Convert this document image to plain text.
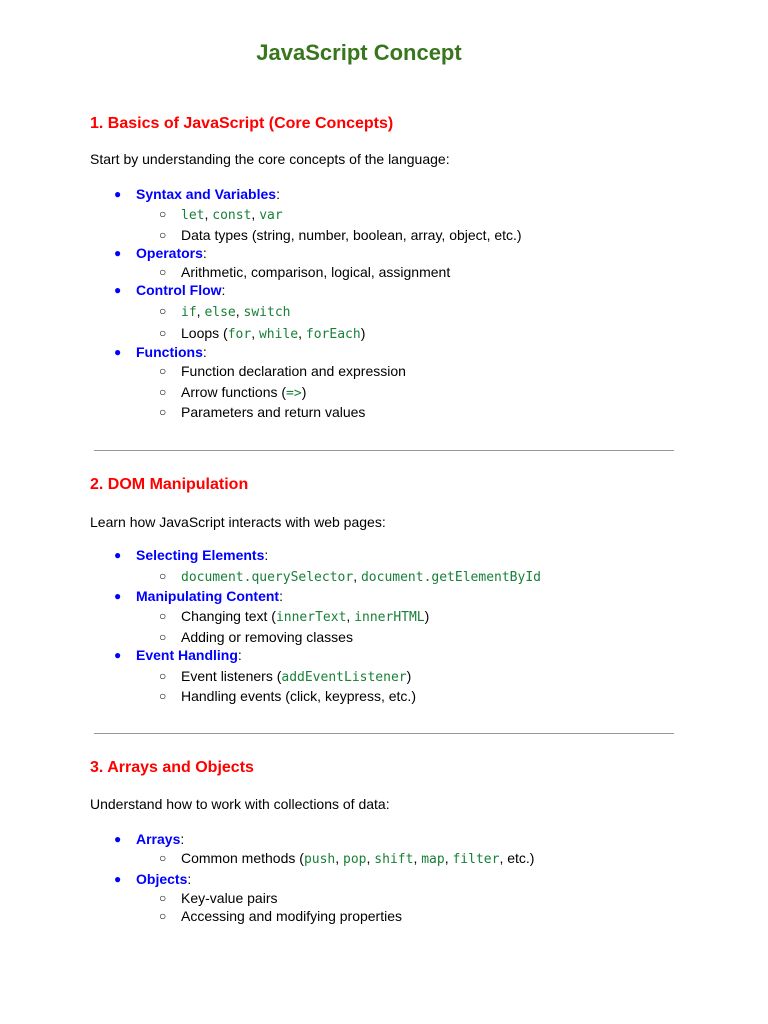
JavaScript Concept
1. Basics of JavaScript (Core Concepts)
Start by understanding the core concepts of the language:
● Syntax and Variables:
○ let, const, var
○ Data types (string, number, boolean, array, object, etc.)
● Operators:
○ Arithmetic, comparison, logical, assignment
● Control Flow:
○ if, else, switch
○ Loops (for, while, forEach)
● Functions:
○ Function declaration and expression
○ Arrow functions (=>)
○ Parameters and return values
2. DOM Manipulation
Learn how JavaScript interacts with web pages:
● Selecting Elements:
○ document.querySelector, document.getElementById
● Manipulating Content:
○ Changing text (innerText, innerHTML)
○ Adding or removing classes
● Event Handling:
○ Event listeners (addEventListener)
○ Handling events (click, keypress, etc.)
3. Arrays and Objects
Understand how to work with collections of data:
● Arrays:
○ Common methods (push, pop, shift, map, filter, etc.)
● Objects:
○ Key-value pairs
○ Accessing and modifying properties
